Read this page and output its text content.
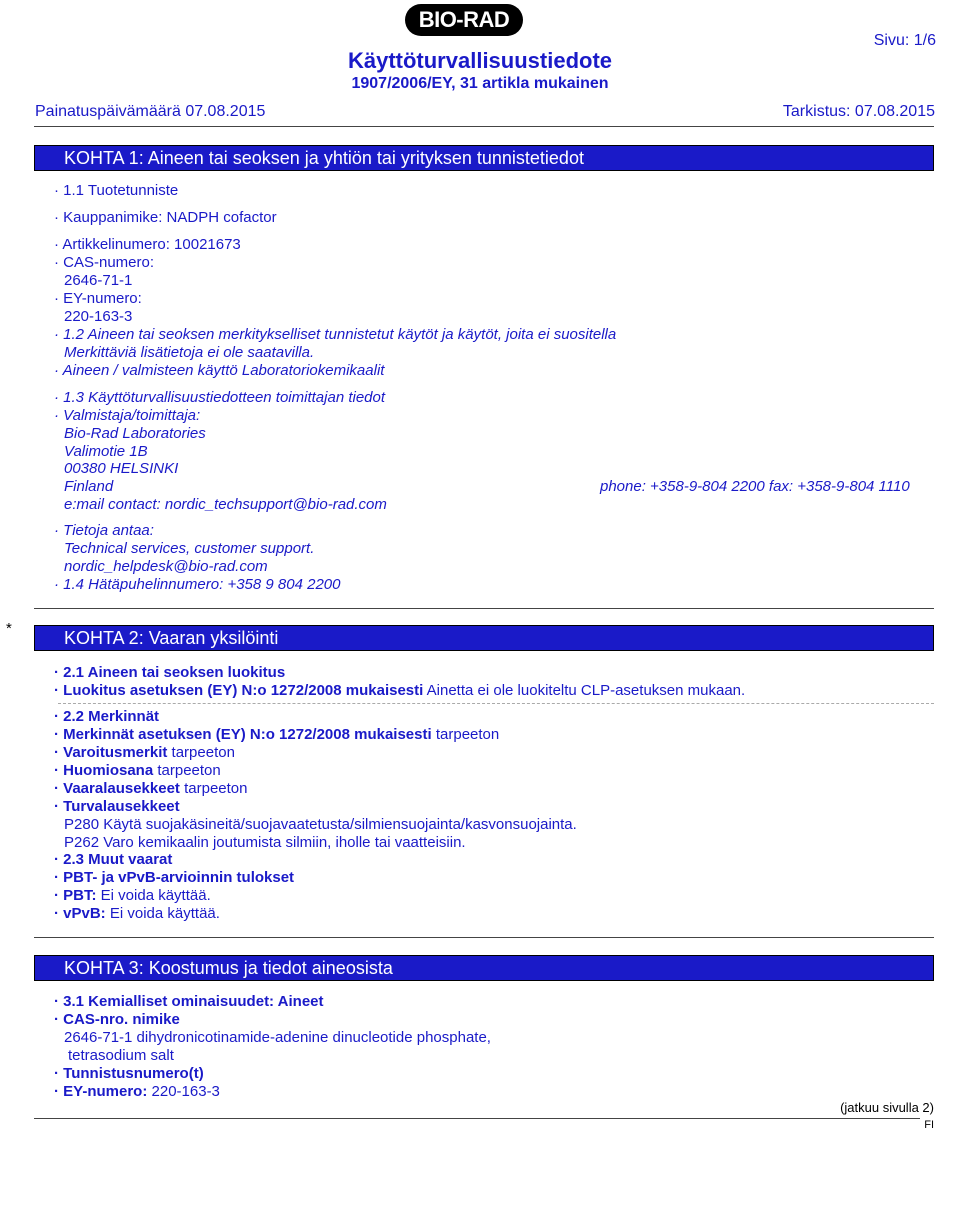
BIO-RAD
Sivu: 1/6
Käyttöturvallisuustiedote
1907/2006/EY, 31 artikla mukainen
Painatuspäivämäärä 07.08.2015	Tarkistus: 07.08.2015
KOHTA 1: Aineen tai seoksen ja yhtiön tai yrityksen tunnistetiedot
· 1.1 Tuotetunniste
· Kauppanimike: NADPH cofactor
· Artikkelinumero: 10021673
· CAS-numero:
2646-71-1
· EY-numero:
220-163-3
· 1.2 Aineen tai seoksen merkitykselliset tunnistetut käytöt ja käytöt, joita ei suositella
Merkittäviä lisätietoja ei ole saatavilla.
· Aineen / valmisteen käyttö Laboratoriokemikaalit
· 1.3 Käyttöturvallisuustiedotteen toimittajan tiedot
· Valmistaja/toimittaja:
Bio-Rad Laboratories
Valimotie 1B
00380 HELSINKI
Finland	phone: +358-9-804 2200 fax: +358-9-804 1110
e:mail contact: nordic_techsupport@bio-rad.com
· Tietoja antaa:
Technical services, customer support.
nordic_helpdesk@bio-rad.com
· 1.4 Hätäpuhelinnumero: +358 9 804 2200
*	KOHTA 2: Vaaran yksilöinti
· 2.1 Aineen tai seoksen luokitus
· Luokitus asetuksen (EY) N:o 1272/2008 mukaisesti Ainetta ei ole luokiteltu CLP-asetuksen mukaan.
· 2.2 Merkinnät
· Merkinnät asetuksen (EY) N:o 1272/2008 mukaisesti tarpeeton
· Varoitusmerkit tarpeeton
· Huomiosana tarpeeton
· Vaaralausekkeet tarpeeton
· Turvalausekkeet
P280 Käytä suojakäsineitä/suojavaatetusta/silmiensuojainta/kasvonsuojainta.
P262 Varo kemikaalin joutumista silmiin, iholle tai vaatteisiin.
· 2.3 Muut vaarat
· PBT- ja vPvB-arvioinnin tulokset
· PBT: Ei voida käyttää.
· vPvB: Ei voida käyttää.
KOHTA 3: Koostumus ja tiedot aineosista
· 3.1 Kemialliset ominaisuudet: Aineet
· CAS-nro. nimike
2646-71-1 dihydronicotinamide-adenine dinucleotide phosphate,
tetrasodium salt
· Tunnistusnumero(t)
· EY-numero: 220-163-3
(jatkuu sivulla 2)
FI
